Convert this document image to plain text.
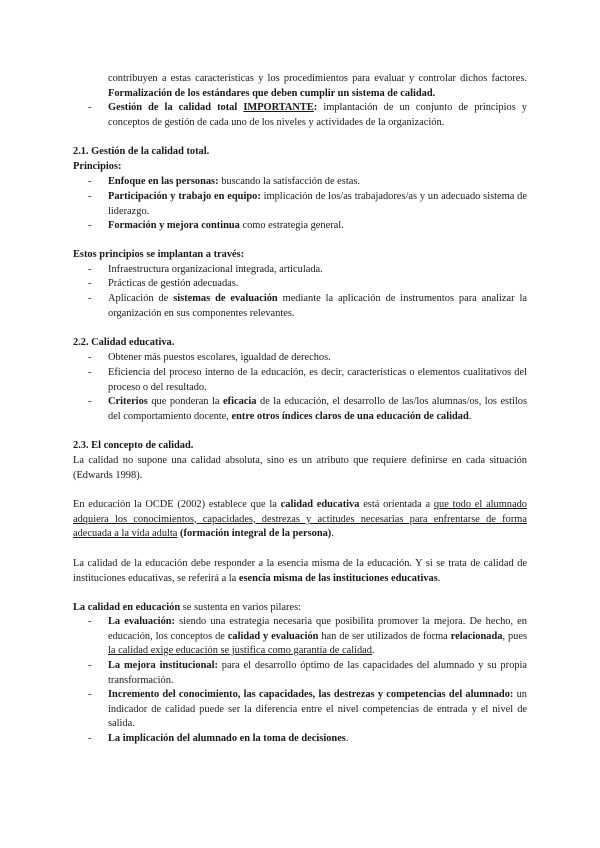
contribuyen a estas características y los procedimientos para evaluar y controlar dichos factores. Formalización de los estándares que deben cumplir un sistema de calidad.

-	Gestión de la calidad total IMPORTANTE: implantación de un conjunto de principios y conceptos de gestión de cada uno de los niveles y actividades de la organización.

2.1. Gestión de la calidad total.

Principios:

-	Enfoque en las personas: buscando la satisfacción de estas.
-	Participación y trabajo en equipo: implicación de los/as trabajadores/as y un adecuado sistema de liderazgo.
-	Formación y mejora continua como estrategia general.

Estos principios se implantan a través:

-	Infraestructura organizacional integrada, articulada.
-	Prácticas de gestión adecuadas.
-	Aplicación de sistemas de evaluación mediante la aplicación de instrumentos para analizar la organización en sus componentes relevantes.

2.2. Calidad educativa.

-	Obtener más puestos escolares, igualdad de derechos.
-	Eficiencia del proceso interno de la educación, es decir, características o elementos cualitativos del proceso o del resultado.
-	Criterios que ponderan la eficacia de la educación, el desarrollo de las/los alumnas/os, los estilos del comportamiento docente, entre otros índices claros de una educación de calidad.

2.3. El concepto de calidad.

La calidad no supone una calidad absoluta, sino es un atributo que requiere definirse en cada situación (Edwards 1998).

En educación la OCDE (2002) establece que la calidad educativa está orientada a que todo el alumnado adquiera los conocimientos, capacidades, destrezas y actitudes necesarias para enfrentarse de forma adecuada a la vida adulta (formación integral de la persona).

La calidad de la educación debe responder a la esencia misma de la educación. Y si se trata de calidad de instituciones educativas, se referirá a la esencia misma de las instituciones educativas.

La calidad en educación se sustenta en varios pilares:

-	La evaluación: siendo una estrategia necesaria que posibilita promover la mejora. De hecho, en educación, los conceptos de calidad y evaluación han de ser utilizados de forma relacionada, pues la calidad exige educación se justifica como garantía de calidad.
-	La mejora institucional: para el desarrollo óptimo de las capacidades del alumnado y su propia transformación.
-	Incremento del conocimiento, las capacidades, las destrezas y competencias del alumnado: un indicador de calidad puede ser la diferencia entre el nivel competencias de entrada y el nivel de salida.
-	La implicación del alumnado en la toma de decisiones.
